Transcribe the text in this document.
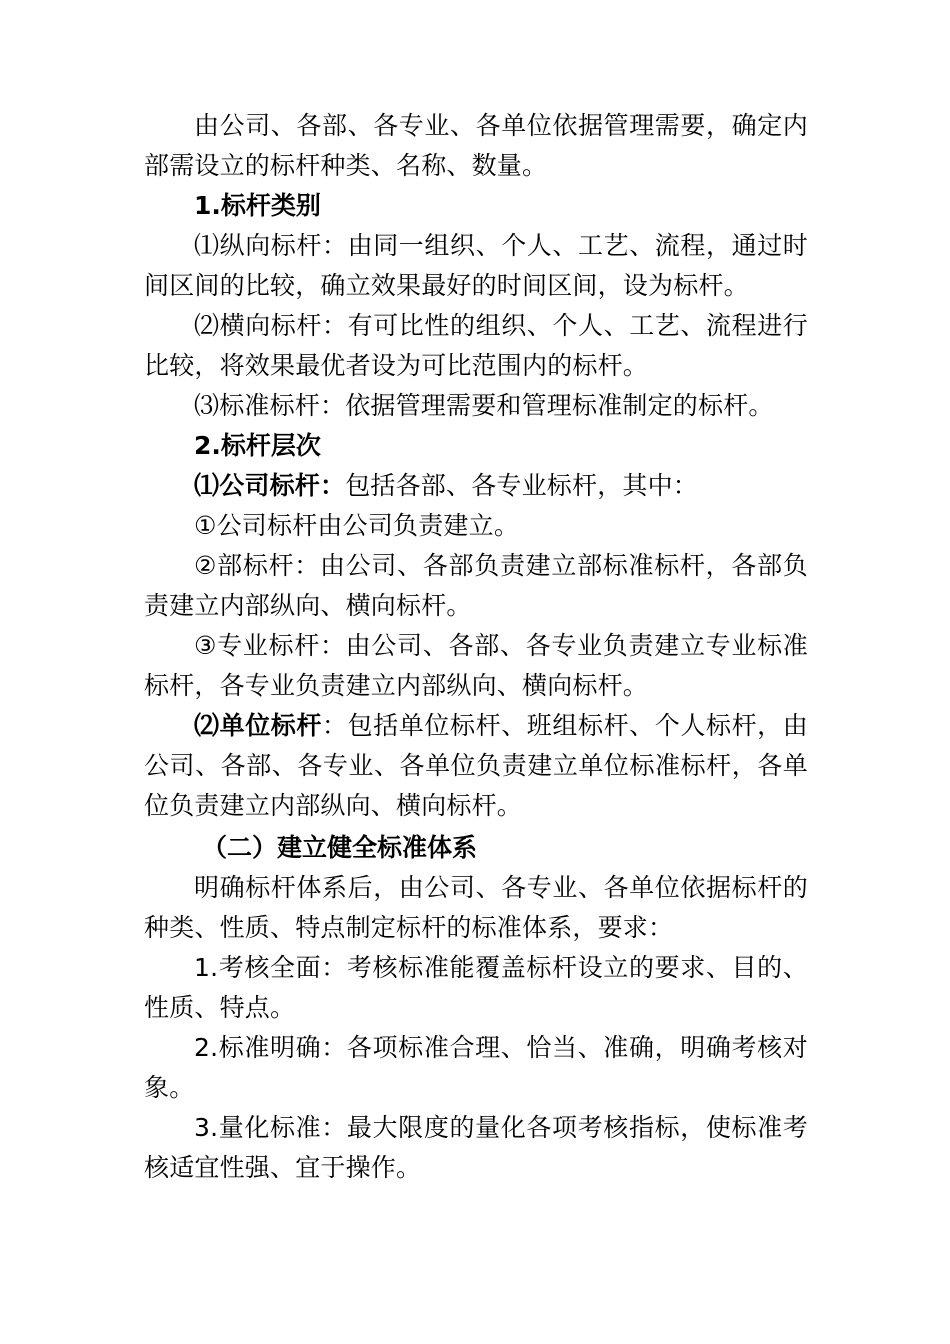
由公司、各部、各专业、各单位依据管理需要，确定内部需设立的标杆种类、名称、数量。

1.标杆类别

⑴纵向标杆：由同一组织、个人、工艺、流程，通过时间区间的比较，确立效果最好的时间区间，设为标杆。

⑵横向标杆：有可比性的组织、个人、工艺、流程进行比较，将效果最优者设为可比范围内的标杆。

⑶标准标杆：依据管理需要和管理标准制定的标杆。

2.标杆层次

⑴公司标杆：包括各部、各专业标杆，其中：

①公司标杆由公司负责建立。

②部标杆：由公司、各部负责建立部标准标杆，各部负责建立内部纵向、横向标杆。

③专业标杆：由公司、各部、各专业负责建立专业标准标杆，各专业负责建立内部纵向、横向标杆。

⑵单位标杆：包括单位标杆、班组标杆、个人标杆，由公司、各部、各专业、各单位负责建立单位标准标杆，各单位负责建立内部纵向、横向标杆。

（二）建立健全标准体系

明确标杆体系后，由公司、各专业、各单位依据标杆的种类、性质、特点制定标杆的标准体系，要求：

1.考核全面：考核标准能覆盖标杆设立的要求、目的、性质、特点。

2.标准明确：各项标准合理、恰当、准确，明确考核对象。

3.量化标准：最大限度的量化各项考核指标，使标准考核适宜性强、宜于操作。
